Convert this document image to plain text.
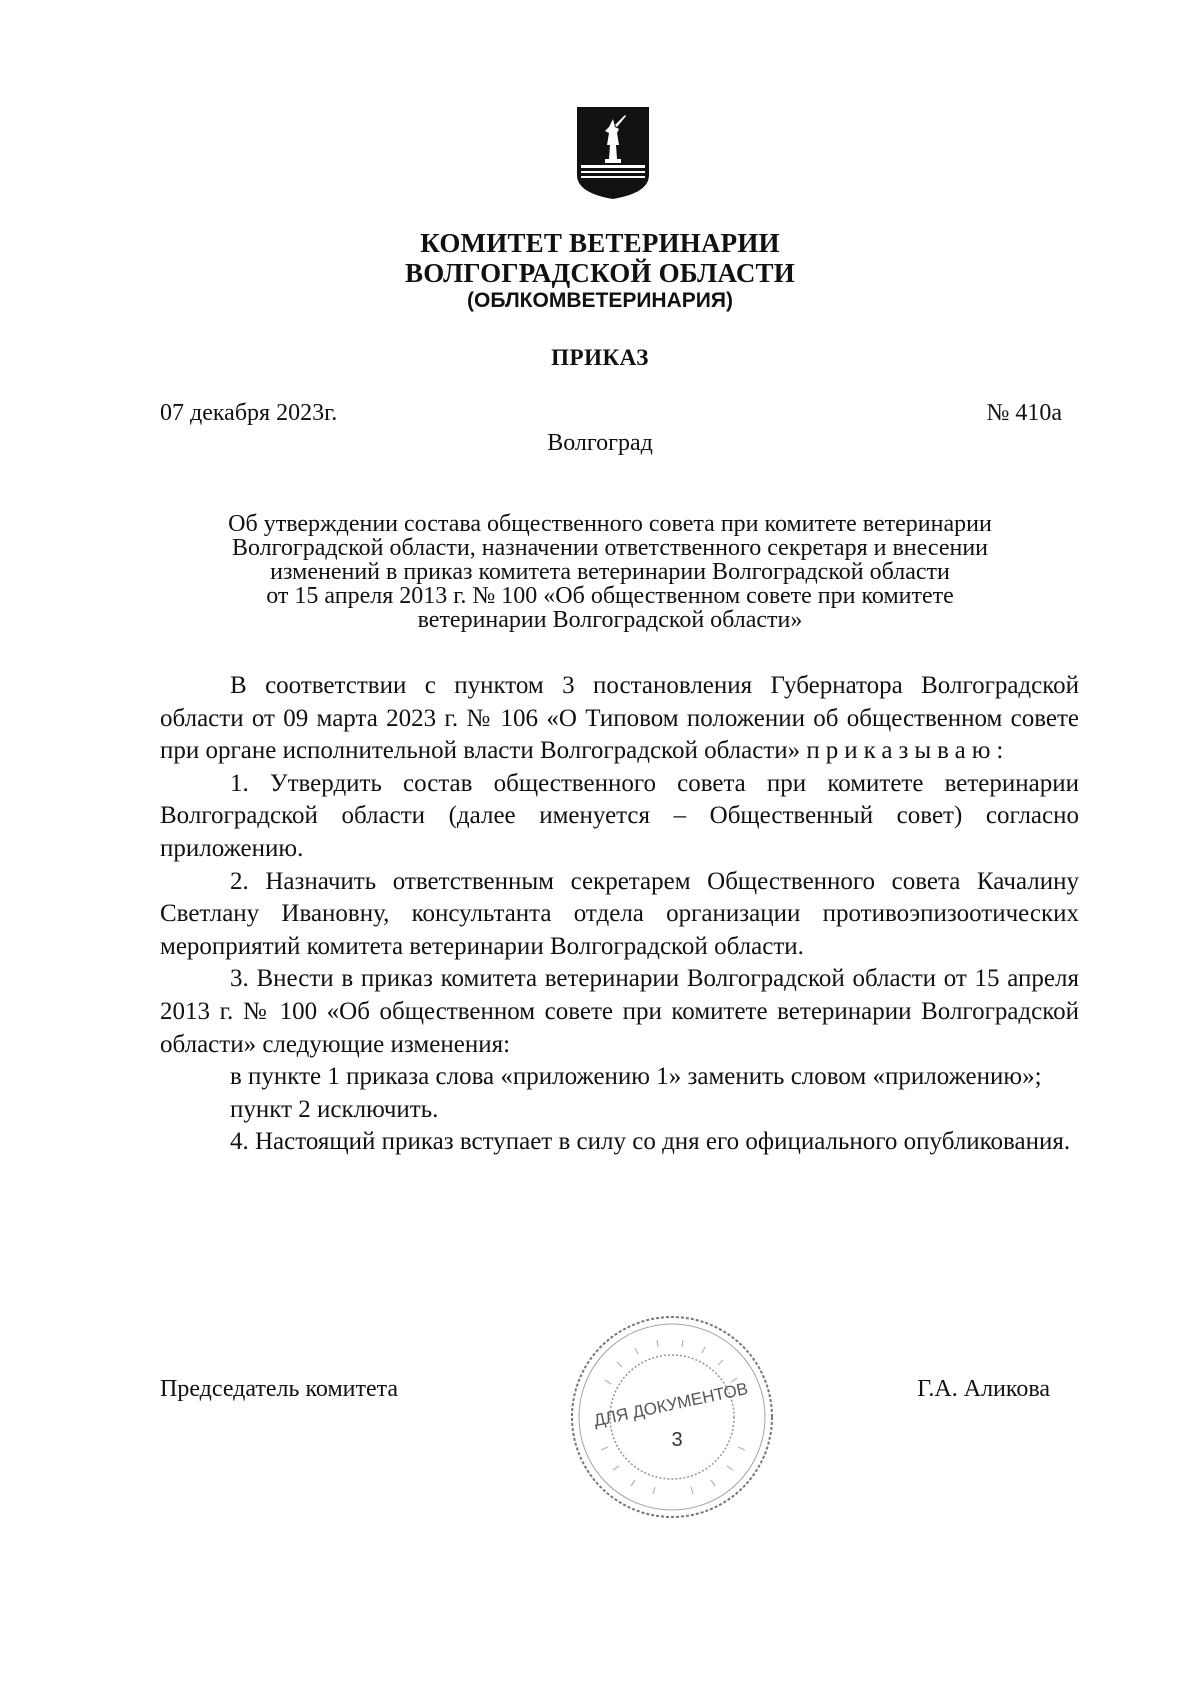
КОМИТЕТ ВЕТЕРИНАРИИ
ВОЛГОГРАДСКОЙ ОБЛАСТИ
(ОБЛКОМВЕТЕРИНАРИЯ)
ПРИКАЗ
07 декабря 2023г.	№ 410а
Волгоград
Об утверждении состава общественного совета при комитете ветеринарии
Волгоградской области, назначении ответственного секретаря и внесении
изменений в приказ комитета ветеринарии Волгоградской области
от 15 апреля 2013 г. № 100 «Об общественном совете при комитете
ветеринарии Волгоградской области»

В соответствии с пунктом 3 постановления Губернатора Волгоградской области от 09 марта 2023 г. № 106 «О Типовом положении об общественном совете при органе исполнительной власти Волгоградской области» приказываю:

1. Утвердить состав общественного совета при комитете ветеринарии Волгоградской области (далее именуется – Общественный совет) согласно приложению.

2. Назначить ответственным секретарем Общественного совета Качалину Светлану Ивановну, консультанта отдела организации противоэпизоотических мероприятий комитета ветеринарии Волгоградской области.

3. Внести в приказ комитета ветеринарии Волгоградской области от 15 апреля 2013 г. № 100 «Об общественном совете при комитете ветеринарии Волгоградской области» следующие изменения:

в пункте 1 приказа слова «приложению 1» заменить словом «приложению»;

пункт 2 исключить.

4. Настоящий приказ вступает в силу со дня его официального опубликования.

Председатель комитета	Г.А. Аликова
ДЛЯ ДОКУМЕНТОВ
3
